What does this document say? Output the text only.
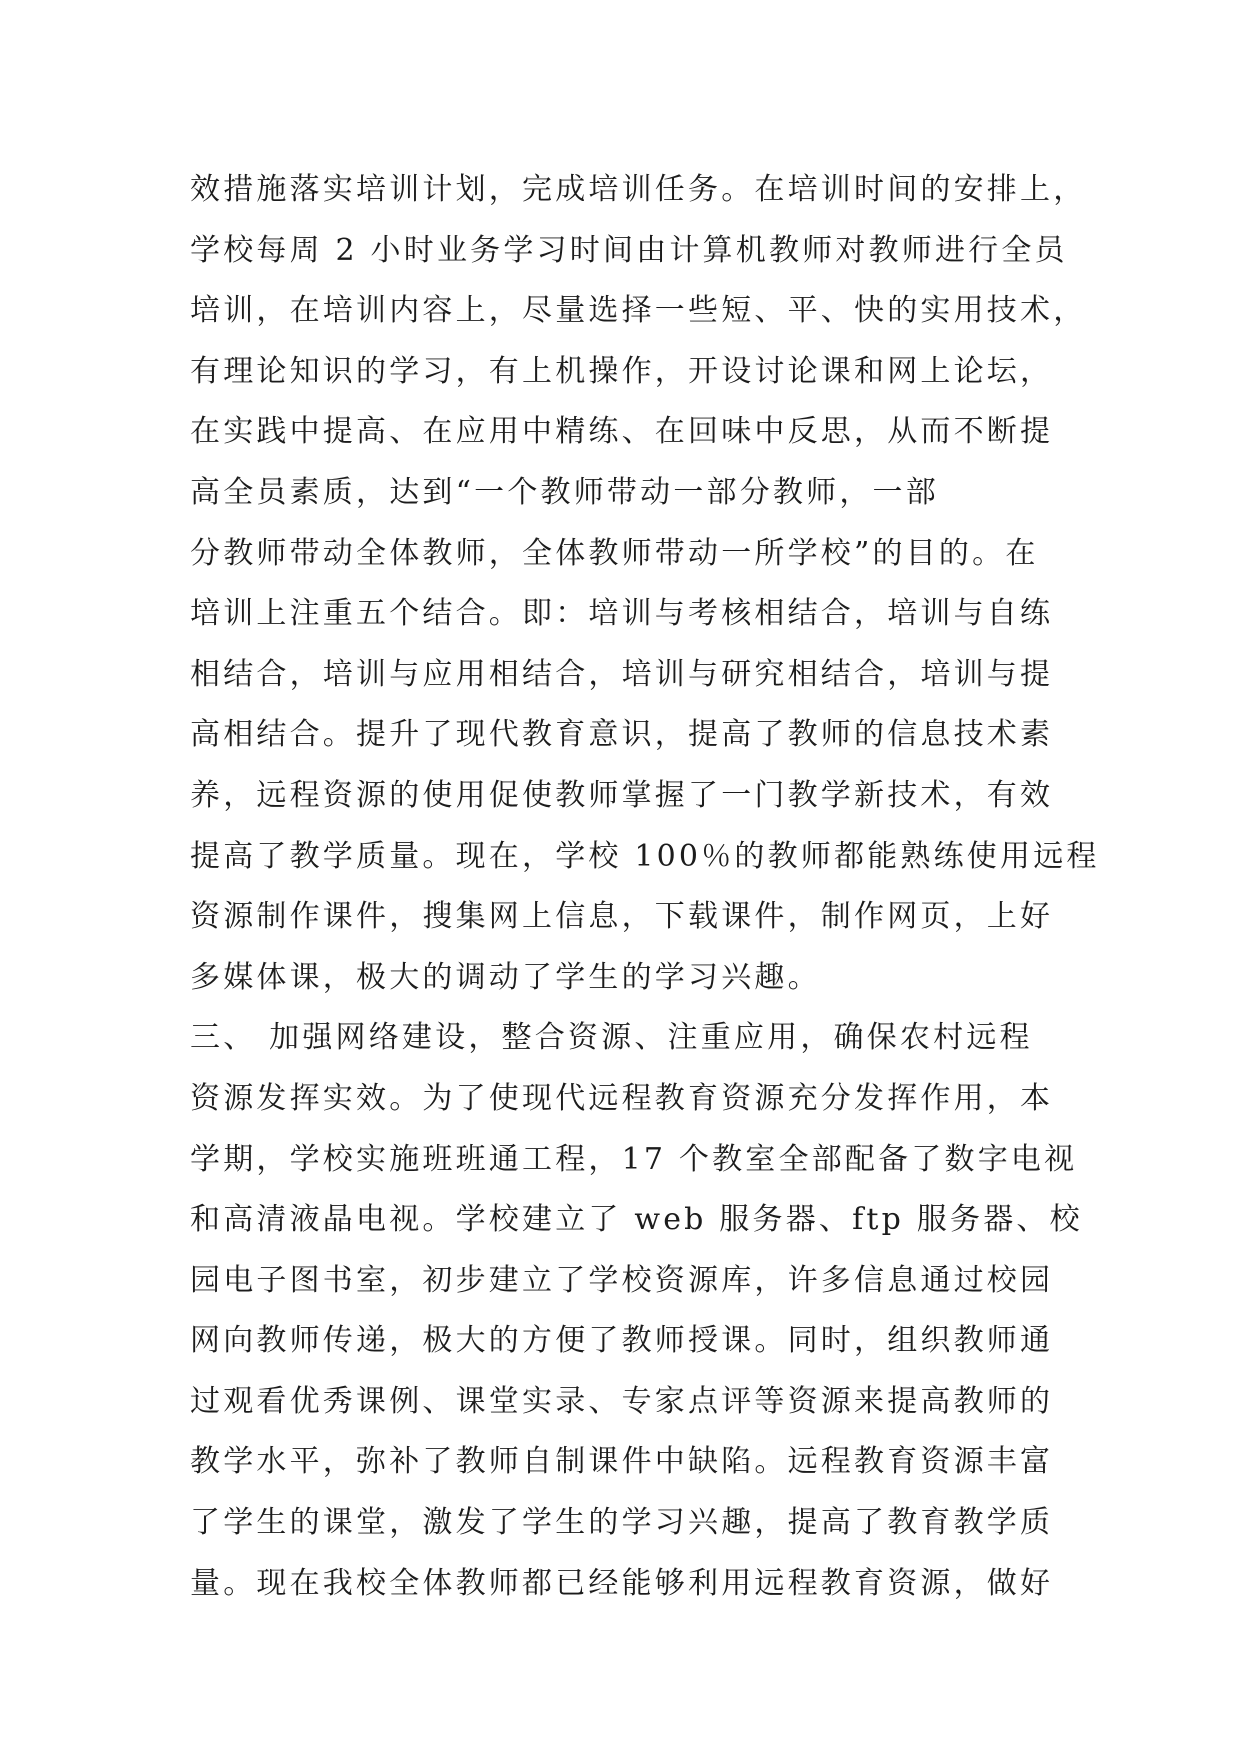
效措施落实培训计划，完成培训任务。在培训时间的安排上，
学校每周 2 小时业务学习时间由计算机教师对教师进行全员
培训，在培训内容上，尽量选择一些短、平、快的实用技术，
有理论知识的学习，有上机操作，开设讨论课和网上论坛，
在实践中提高、在应用中精练、在回味中反思，从而不断提
高全员素质，达到“一个教师带动一部分教师，一部
分教师带动全体教师，全体教师带动一所学校”的目的。在
培训上注重五个结合。即：培训与考核相结合，培训与自练
相结合，培训与应用相结合，培训与研究相结合，培训与提
高相结合。提升了现代教育意识，提高了教师的信息技术素
养，远程资源的使用促使教师掌握了一门教学新技术，有效
提高了教学质量。现在，学校 100％的教师都能熟练使用远程
资源制作课件，搜集网上信息，下载课件，制作网页，上好
多媒体课，极大的调动了学生的学习兴趣。
三、 加强网络建设，整合资源、注重应用，确保农村远程
资源发挥实效。为了使现代远程教育资源充分发挥作用，本
学期，学校实施班班通工程，17 个教室全部配备了数字电视
和高清液晶电视。学校建立了 web 服务器、ftp 服务器、校
园电子图书室，初步建立了学校资源库，许多信息通过校园
网向教师传递，极大的方便了教师授课。同时，组织教师通
过观看优秀课例、课堂实录、专家点评等资源来提高教师的
教学水平，弥补了教师自制课件中缺陷。远程教育资源丰富
了学生的课堂，激发了学生的学习兴趣，提高了教育教学质
量。现在我校全体教师都已经能够利用远程教育资源，做好
